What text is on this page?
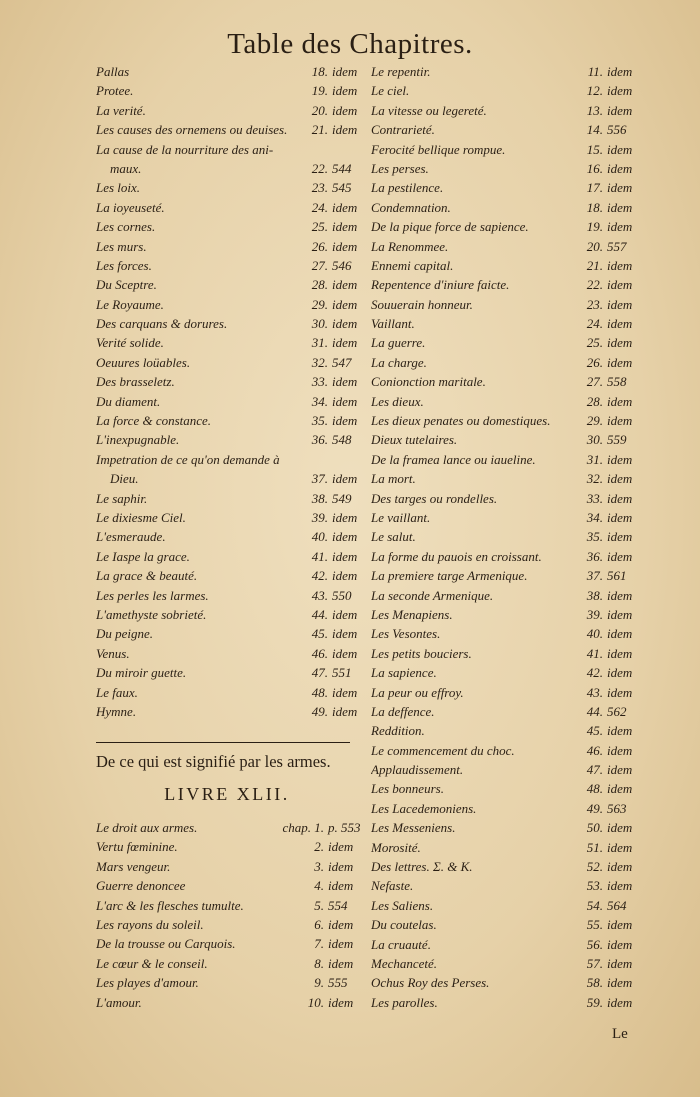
Table des Chapitres.
Pallas	18. idem
Protee.	19. idem
La verité.	20. idem
Les causes des ornemens ou deuises.	21. idem
La cause de la nourriture des ani-
maux.	22. 544
Les loix.	23. 545
La ioyeuseté.	24. idem
Les cornes.	25. idem
Les murs.	26. idem
Les forces.	27. 546
Du Sceptre.	28. idem
Le Royaume.	29. idem
Des carquans & dorures.	30. idem
Verité solide.	31. idem
Oeuures loüables.	32. 547
Des brasseletz.	33. idem
Du diament.	34. idem
La force & constance.	35. idem
L'inexpugnable.	36. 548
Impetration de ce qu'on demande à
Dieu.	37. idem
Le saphir.	38. 549
Le dixiesme Ciel.	39. idem
L'esmeraude.	40. idem
Le Iaspe la grace.	41. idem
La grace & beauté.	42. idem
Les perles les larmes.	43. 550
L'amethyste sobrieté.	44. idem
Du peigne.	45. idem
Venus.	46. idem
Du miroir guette.	47. 551
Le faux.	48. idem
Hymne.	49. idem
Le repentir.	11. idem
Le ciel.	12. idem
La vitesse ou legereté.	13. idem
Contrarieté.	14. 556
Ferocité bellique rompue.	15. idem
Les perses.	16. idem
La pestilence.	17. idem
Condemnation.	18. idem
De la pique force de sapience.	19. idem
La Renommee.	20. 557
Ennemi capital.	21. idem
Repentence d'iniure faicte.	22. idem
Souuerain honneur.	23. idem
Vaillant.	24. idem
La guerre.	25. idem
La charge.	26. idem
Conionction maritale.	27. 558
Les dieux.	28. idem
Les dieux penates ou domestiques.	29. idem
Dieux tutelaires.	30. 559
De la framea lance ou iaueline.	31. idem
La mort.	32. idem
Des targes ou rondelles.	33. idem
Le vaillant.	34. idem
Le salut.	35. idem
La forme du pauois en croissant.	36. idem
La premiere targe Armenique.	37. 561
La seconde Armenique.	38. idem
Les Menapiens.	39. idem
Les Vesontes.	40. idem
Les petits bouciers.	41. idem
La sapience.	42. idem
La peur ou effroy.	43. idem
La deffence.	44. 562
Reddition.	45. idem
Le commencement du choc.	46. idem
Applaudissement.	47. idem
Les bonneurs.	48. idem
Les Lacedemoniens.	49. 563
Les Messeniens.	50. idem
Morosité.	51. idem
Des lettres. Σ. & K.	52. idem
Nefaste.	53. idem
Les Saliens.	54. 564
Du coutelas.	55. idem
La cruauté.	56. idem
Mechanceté.	57. idem
Ochus Roy des Perses.	58. idem
Les parolles.	59. idem
De ce qui est signifié par les armes.
LIVRE XLII.
Le droit aux armes.	chap. 1. p. 553
Vertu fœminine.	2. idem
Mars vengeur.	3. idem
Guerre denoncee	4. idem
L'arc & les flesches tumulte.	5. 554
Les rayons du soleil.	6. idem
De la trousse ou Carquois.	7. idem
Le cœur & le conseil.	8. idem
Les playes d'amour.	9. 555
L'amour.	10. idem
Le
